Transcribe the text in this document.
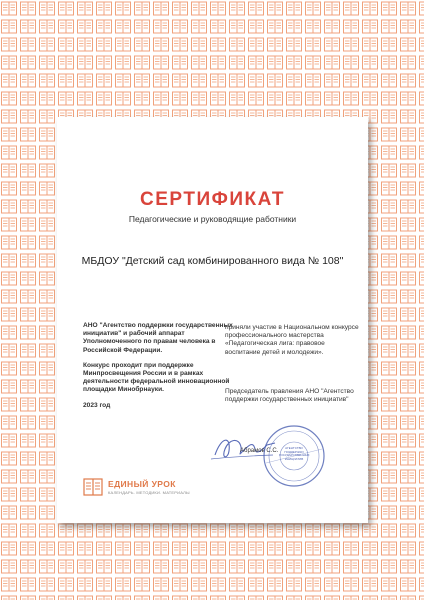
СЕРТИФИКАТ
Педагогические и руководящие работники
МБДОУ "Детский сад комбинированного вида № 108"

АНО "Агентство поддержки государственных инициатив" и рабочий аппарат Уполномоченного по правам человека в Российской Федерации.

Конкурс проходит при поддержке Минпросвещения России и в рамках деятельности федеральной инновационной площадки Минобрнауки.

2023 год

приняли участие в Национальном конкурсе профессионального мастерства «Педагогическая лига: правовое воспитание детей и молодежи».

Председатель правления АНО "Агентство поддержки государственных инициатив"

Абрамов С.С.	АГЕНТСТВО ПОДДЕРЖКИ ГОСУДАРСТВЕННЫХ ИНИЦИАТИВ
ЕДИНЫЙ УРОК
КАЛЕНДАРЬ. МЕТОДИКИ. МАТЕРИАЛЫ
